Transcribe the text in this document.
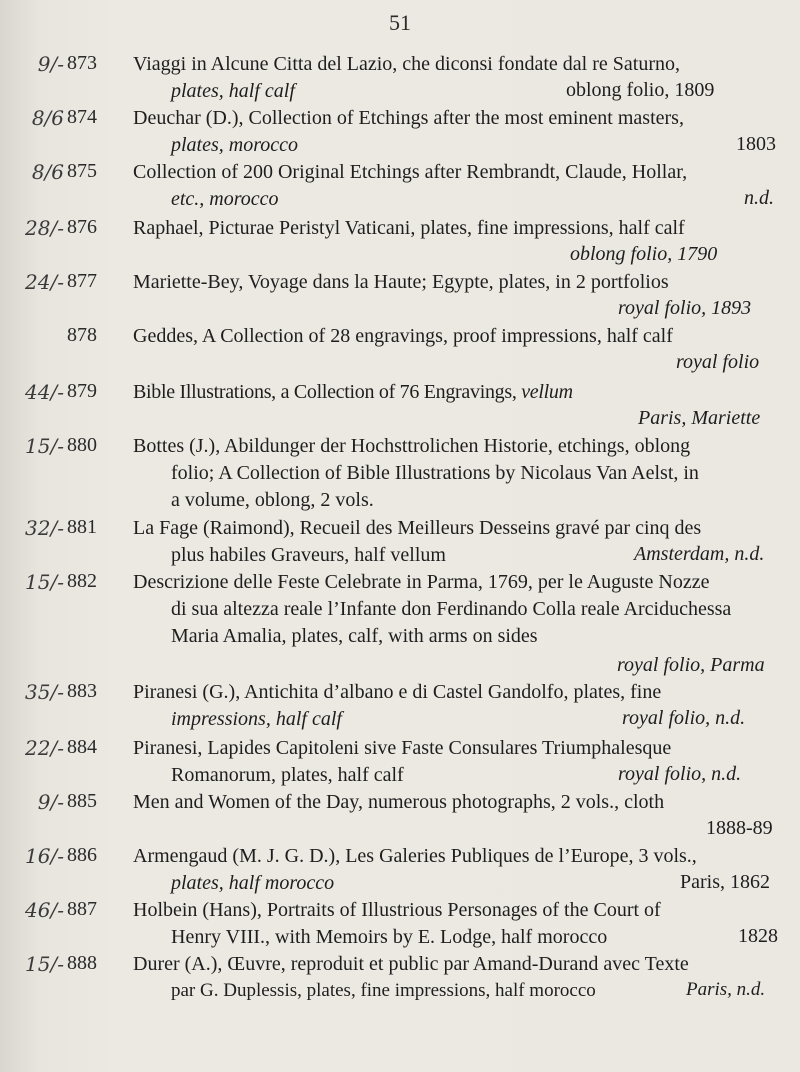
51
9/- 873	Viaggi in Alcune Citta del Lazio, che diconsi fondate dal re Saturno,
plates, half calf	oblong folio, 1809
8/6 874	Deuchar (D.), Collection of Etchings after the most eminent masters,
plates, morocco	1803
8/6 875	Collection of 200 Original Etchings after Rembrandt, Claude, Hollar,
etc., morocco	n.d.
28/- 876	Raphael, Picturae Peristyl Vaticani, plates, fine impressions, half calf
oblong folio, 1790
24/- 877	Mariette-Bey, Voyage dans la Haute; Egypte, plates, in 2 portfolios
royal folio, 1893
878	Geddes, A Collection of 28 engravings, proof impressions, half calf
royal folio
44/- 879	Bible Illustrations, a Collection of 76 Engravings, vellum
Paris, Mariette
15/- 880	Bottes (J.), Abildunger der Hochsttrolichen Historie, etchings, oblong
folio; A Collection of Bible Illustrations by Nicolaus Van Aelst, in
a volume, oblong, 2 vols.
32/- 881	La Fage (Raimond), Recueil des Meilleurs Desseins gravé par cinq des
plus habiles Graveurs, half vellum	Amsterdam, n.d.
15/- 882	Descrizione delle Feste Celebrate in Parma, 1769, per le Auguste Nozze
di sua altezza reale l’Infante don Ferdinando Colla reale Arciduchessa
Maria Amalia, plates, calf, with arms on sides
royal folio, Parma
35/- 883	Piranesi (G.), Antichita d’albano e di Castel Gandolfo, plates, fine
impressions, half calf	royal folio, n.d.
22/- 884	Piranesi, Lapides Capitoleni sive Faste Consulares Triumphalesque
Romanorum, plates, half calf	royal folio, n.d.
9/- 885	Men and Women of the Day, numerous photographs, 2 vols., cloth
1888-89
16/- 886	Armengaud (M. J. G. D.), Les Galeries Publiques de l’Europe, 3 vols.,
plates, half morocco	Paris, 1862
46/- 887	Holbein (Hans), Portraits of Illustrious Personages of the Court of
Henry VIII., with Memoirs by E. Lodge, half morocco	1828
15/- 888	Durer (A.), Œuvre, reproduit et public par Amand-Durand avec Texte
par G. Duplessis, plates, fine impressions, half morocco	Paris, n.d.
